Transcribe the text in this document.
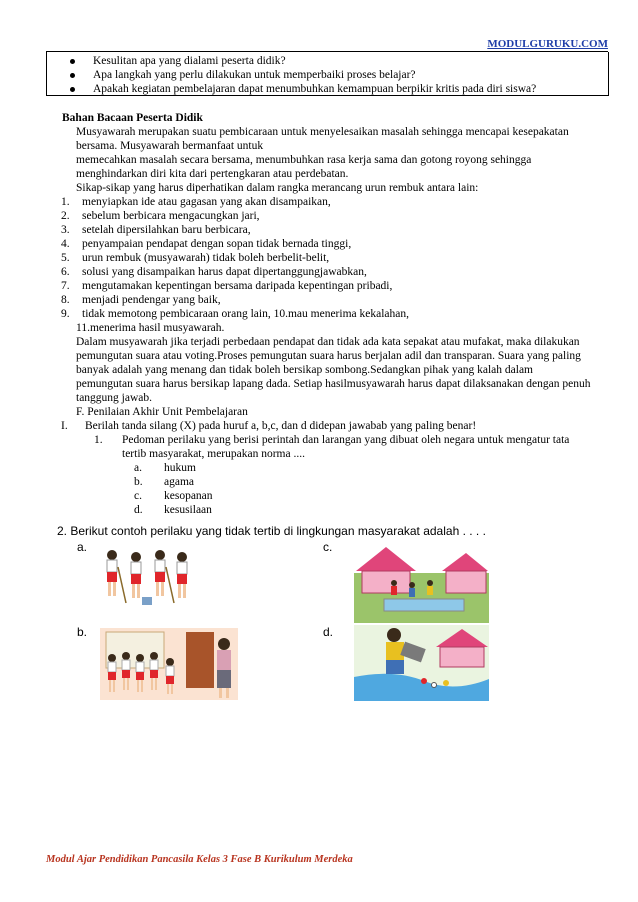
MODULGURUKU.COM
Kesulitan apa yang dialami peserta didik?
Apa langkah yang perlu dilakukan untuk memperbaiki proses belajar?
Apakah kegiatan pembelajaran dapat menumbuhkan kemampuan berpikir kritis pada diri siswa?
Bahan Bacaan Peserta Didik
Musyawarah merupakan suatu pembicaraan untuk menyelesaikan masalah sehingga mencapai kesepakatan
bersama. Musyawarah bermanfaat untuk
memecahkan masalah secara bersama, menumbuhkan rasa kerja sama dan gotong royong sehingga
menghindarkan diri kita dari pertengkaran atau perdebatan.
Sikap-sikap yang harus diperhatikan dalam rangka merancang urun rembuk antara lain:
1. menyiapkan ide atau gagasan yang akan disampaikan,
2. sebelum berbicara mengacungkan jari,
3. setelah dipersilahkan baru berbicara,
4. penyampaian pendapat dengan sopan tidak bernada tinggi,
5. urun rembuk (musyawarah) tidak boleh berbelit-belit,
6. solusi yang disampaikan harus dapat dipertanggungjawabkan,
7. mengutamakan kepentingan bersama daripada kepentingan pribadi,
8. menjadi pendengar yang baik,
9. tidak memotong pembicaraan orang lain, 10.mau menerima kekalahan,
11.menerima hasil musyawarah.
Dalam musyawarah jika terjadi perbedaan pendapat dan tidak ada kata sepakat atau mufakat, maka dilakukan
pemungutan suara atau voting.Proses pemungutan suara harus berjalan adil dan transparan. Suara yang paling
banyak adalah yang menang dan tidak boleh bersikap sombong.Sedangkan pihak yang kalah dalam
pemungutan suara harus bersikap lapang dada. Setiap hasilmusyawarah harus dapat dilaksanakan dengan penuh
tanggung jawab.
F. Penilaian Akhir Unit Pembelajaran
I. Berilah tanda silang (X) pada huruf a, b,c, dan d didepan jawabab yang paling benar!
1. Pedoman perilaku yang berisi perintah dan larangan yang dibuat oleh negara untuk mengatur tata
tertib masyarakat, merupakan norma ....
a. hukum
b. agama
c. kesopanan
d. kesusilaan
2. Berikut contoh perilaku yang tidak tertib di lingkungan masyarakat adalah . . . .
a.	c.
b.	d.
Modul Ajar Pendidikan Pancasila Kelas 3 Fase B Kurikulum Merdeka
